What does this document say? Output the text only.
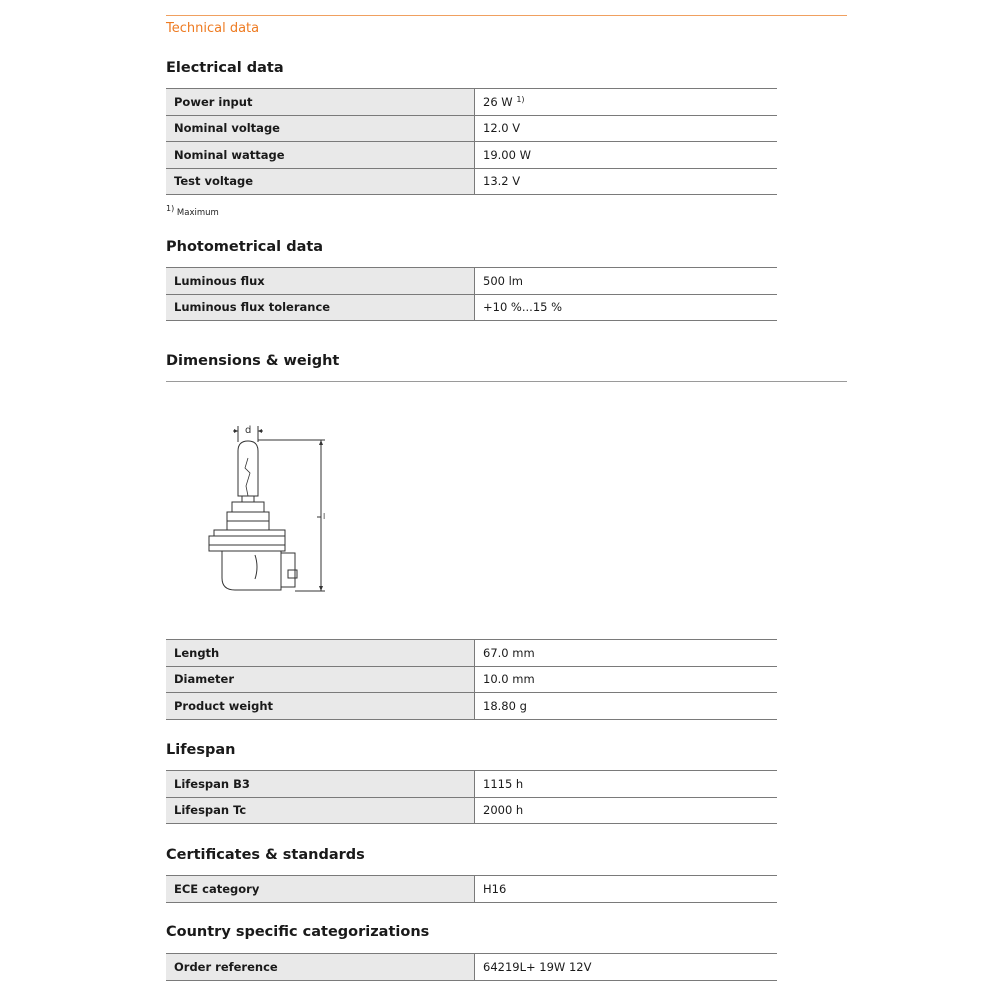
Technical data
Electrical data
Power input	26 W $^{1)}$
Nominal voltage	12.0 V
Nominal wattage	19.00 W
Test voltage	13.2 V
$^{1)}$ Maximum
Photometrical data
Luminous flux	500 lm
Luminous flux tolerance	+10 %...15 %
Dimensions & weight
d
l
Length	67.0 mm
Diameter	10.0 mm
Product weight	18.80 g
Lifespan
Lifespan B3	1115 h
Lifespan Tc	2000 h
Certificates & standards
ECE category	H16
Country specific categorizations
Order reference	64219L+ 19W 12V
